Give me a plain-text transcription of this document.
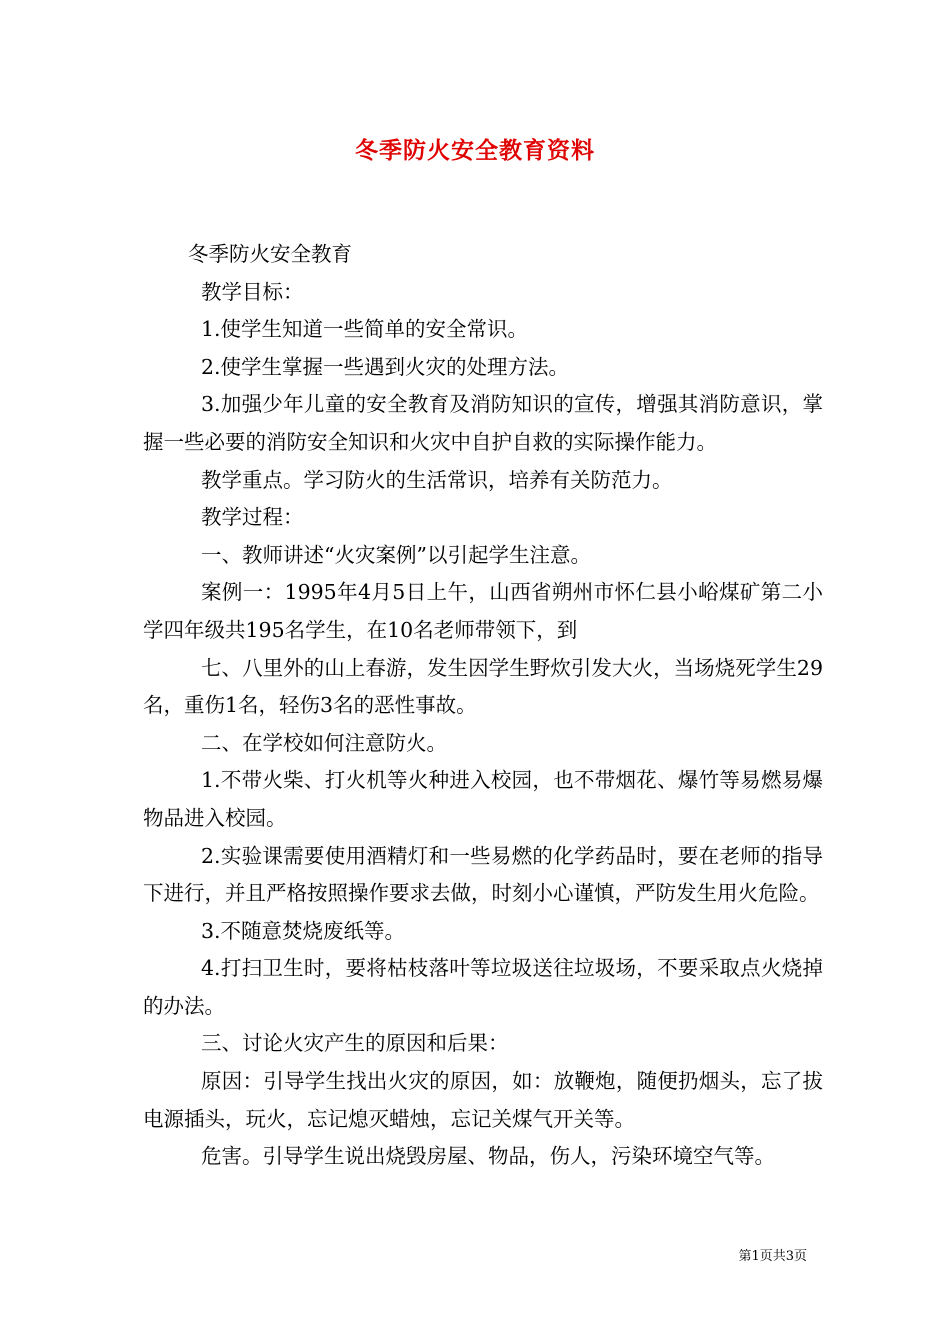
冬季防火安全教育资料

冬季防火安全教育

教学目标：

1.使学生知道一些简单的安全常识。

2.使学生掌握一些遇到火灾的处理方法。

3.加强少年儿童的安全教育及消防知识的宣传，增强其消防意识，掌握一些必要的消防安全知识和火灾中自护自救的实际操作能力。

教学重点。学习防火的生活常识，培养有关防范力。

教学过程：

一、教师讲述“火灾案例”以引起学生注意。

案例一：1995年4月5日上午，山西省朔州市怀仁县小峪煤矿第二小学四年级共195名学生，在10名老师带领下，到

七、八里外的山上春游，发生因学生野炊引发大火，当场烧死学生29名，重伤1名，轻伤3名的恶性事故。

二、在学校如何注意防火。

1.不带火柴、打火机等火种进入校园，也不带烟花、爆竹等易燃易爆物品进入校园。

2.实验课需要使用酒精灯和一些易燃的化学药品时，要在老师的指导下进行，并且严格按照操作要求去做，时刻小心谨慎，严防发生用火危险。

3.不随意焚烧废纸等。

4.打扫卫生时，要将枯枝落叶等垃圾送往垃圾场，不要采取点火烧掉的办法。

三、讨论火灾产生的原因和后果：

原因：引导学生找出火灾的原因，如：放鞭炮，随便扔烟头，忘了拔电源插头，玩火，忘记熄灭蜡烛，忘记关煤气开关等。

危害。引导学生说出烧毁房屋、物品，伤人，污染环境空气等。

第1页共3页
